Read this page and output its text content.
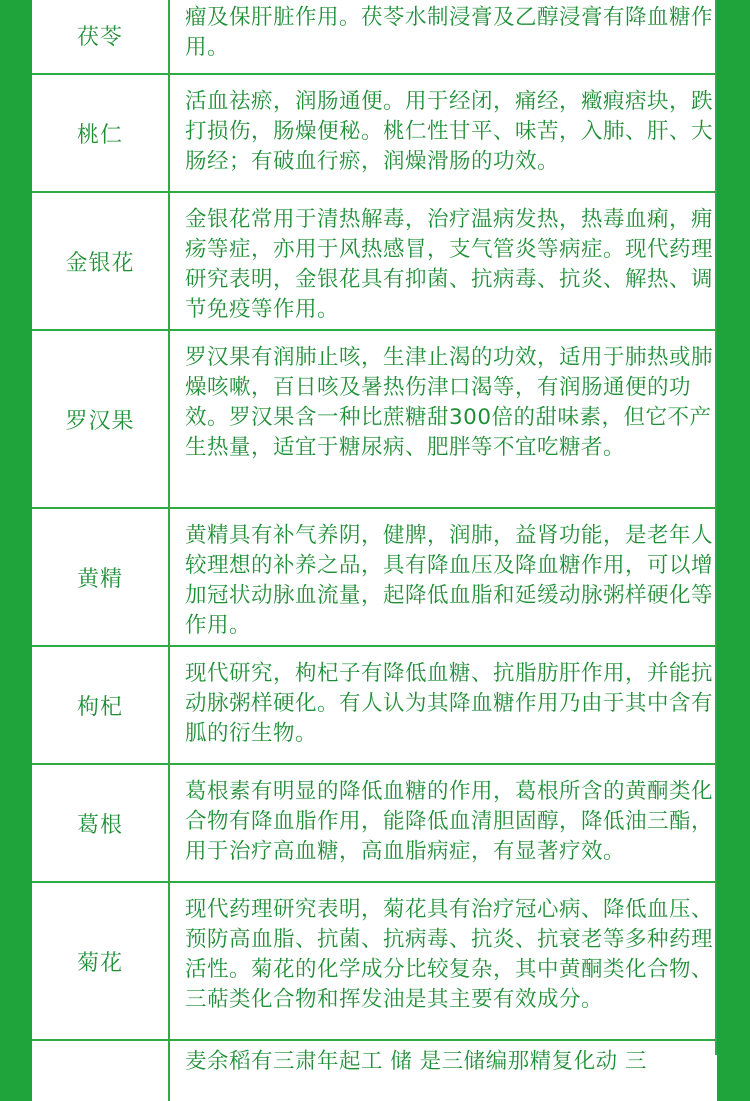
茯苓
瘤及保肝脏作用。茯苓水制浸膏及乙醇浸膏有降血糖作用。
桃仁
活血祛瘀，润肠通便。用于经闭，痛经，癥瘕痞块，跌打损伤，肠燥便秘。桃仁性甘平、味苦，入肺、肝、大肠经；有破血行瘀，润燥滑肠的功效。
金银花
金银花常用于清热解毒，治疗温病发热，热毒血痢，痈疡等症，亦用于风热感冒，支气管炎等病症。现代药理研究表明，金银花具有抑菌、抗病毒、抗炎、解热、调节免疫等作用。
罗汉果
罗汉果有润肺止咳，生津止渴的功效，适用于肺热或肺燥咳嗽，百日咳及暑热伤津口渴等，有润肠通便的功效。罗汉果含一种比蔗糖甜300倍的甜味素，但它不产生热量，适宜于糖尿病、肥胖等不宜吃糖者。
黄精
黄精具有补气养阴，健脾，润肺，益肾功能，是老年人较理想的补养之品，具有降血压及降血糖作用，可以增加冠状动脉血流量，起降低血脂和延缓动脉粥样硬化等作用。
枸杞
现代研究，枸杞子有降低血糖、抗脂肪肝作用，并能抗动脉粥样硬化。有人认为其降血糖作用乃由于其中含有胍的衍生物。
葛根
葛根素有明显的降低血糖的作用，葛根所含的黄酮类化合物有降血脂作用，能降低血清胆固醇，降低油三酯，用于治疗高血糖，高血脂病症，有显著疗效。
菊花
现代药理研究表明，菊花具有治疗冠心病、降低血压、预防高血脂、抗菌、抗病毒、抗炎、抗衰老等多种药理活性。菊花的化学成分比较复杂，其中黄酮类化合物、三萜类化合物和挥发油是其主要有效成分。
麦余稻有三肃年起工 储 是三储编那精复化动 三
